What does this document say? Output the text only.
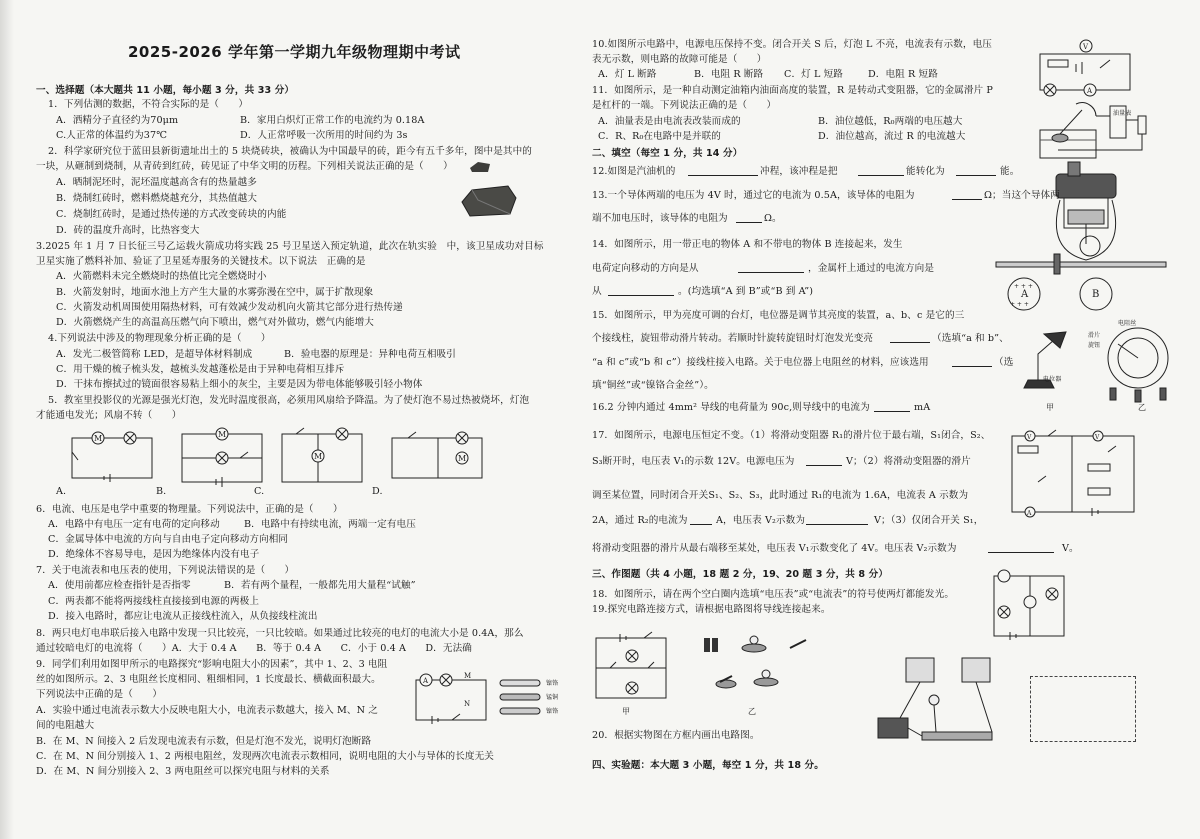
2025-2026 学年第一学期九年级物理期中考试
一、选择题（本大题共 11 小题，每小题 3 分，共 33 分）
1．下列估测的数据，不符合实际的是（　　）
A．洒精分子直径约为70μm	B．家用白炽灯正常工作的电流约为 0.18A
C.人正常的体温约为37℃	D．人正常呼吸一次所用的时间约为 3s
2．科学家研究位于蓝田县新街遗址出土的 5 块烧砖块，被确认为中国最早的砖，距今有五千多年，图中是其中的
一块，从砸制到烧制，从青砖到红砖，砖见证了中华文明的历程。下列相关说法正确的是（　　）
A．晒制泥坯时，泥坯温度越高含有的热量越多
B．烧制红砖时，燃料燃烧越充分，其热值越大
C．烧制红砖时，是通过热传递的方式改变砖块的内能
D．砖的温度升高时，比热容变大
3.2025 年 1 月 7 日长征三号乙运载火箭成功将实践 25 号卫星送入预定轨道，此次在轨实验　中，该卫星成功对目标
卫星实施了燃料补加、验证了卫星延寿服务的关键技术。以下说法　正确的是
A．火箭燃料未完全燃烧时的热值比完全燃烧时小
B．火箭发射时，地面水池上方产生大量的水雾弥漫在空中，属于扩散现象
C．火箭发动机周围使用隔热材料，可有效减少发动机向火箭其它部分进行热传递
D．火箭燃烧产生的高温高压燃气向下喷出，燃气对外做功，燃气内能增大
4.下列说法中涉及的物理现象分析正确的是（　　）
A．发光二极管简称 LED，是超导体材料制成	B．验电器的原理是：异种电荷互相吸引
C．用干燥的梳子梳头发，越梳头发越蓬松是由于异种电荷相互排斥
D．干抹布擦拭过的镜面很容易粘上细小的灰尘，主要是因为带电体能够吸引轻小物体
5．教室里投影仪的光源是强光灯泡，发光时温度很高，必须用风扇给予降温。为了使灯泡不易过热被烧坏，灯泡
才能通电发光；风扇不转（　　）
M
A.
M
B.
M
C.
M
D.
6．电流、电压是电学中重要的物理量。下列说法中，正确的是（　　）
A．电路中有电压一定有电荷的定向移动	B．电路中有持续电流，两端一定有电压
C．金属导体中电流的方向与自由电子定向移动方向相同
D．绝缘体不容易导电，是因为绝缘体内没有电子
7．关于电流表和电压表的使用，下列说法错误的是（　　）
A．使用前都应检查指针是否指零	B．若有两个量程，一般都先用大量程“试触”
C．两表都不能将两接线柱直接接到电源的两极上
D．接入电路时，都应让电流从正接线柱流入，从负接线柱流出
8．两只电灯电串联后接入电路中发现一只比较亮，一只比较暗。如果通过比较亮的电灯的电流大小是 0.4A，那么
通过较暗电灯的电流将（　　）A．大于 0.4 A　　B．等于 0.4 A　　C．小于 0.4 A　　D．无法确
9．同学们利用如图甲所示的电路探究“影响电阻大小的因素”，其中 1、2、3 电阻
丝的如图所示。2、3 电阻丝长度相同、粗细相同，1 长度最长、横截面积最大。
下列说法中正确的是（　　）
A．实验中通过电流表示数大小反映电阻大小，电流表示数越大，接入 M、N 之
间的电阻越大
B．在 M、N 间接入 2 后发现电流表有示数，但是灯泡不发光，说明灯泡断路
C．在 M、N 间分别接入 1、2 两根电阻丝，发现两次电流表示数相同，说明电阻的大小与导体的长度无关
D．在 M、N 间分别接入 2、3 两电阻丝可以探究电阻与材料的关系
A
M
N
镍铬
锰铜
镍铬
10.如图所示电路中，电源电压保持不变。闭合开关 S 后，灯泡 L 不亮，电流表有示数，电压
表无示数，则电路的故障可能是（　　）
A．灯 L 断路	B．电阻 R 断路 C．灯 L 短路	D．电阻 R 短路
V
A
11．如图所示，是一种自动测定油箱内油面高度的装置，R 是转动式变阻器，它的金属滑片 P
是杠杆的一端。下列说法正确的是（　　）
A．油量表是由电流表改装而成的	B．油位越低，R₀两端的电压越大
C．R、R₀在电路中是并联的	D．油位越高，流过 R 的电流越大
油量表
二、填空（每空 1 分，共 14 分）
12.如图是汽油机的	冲程，该冲程是把	能转化为	能。
13.一个导体两端的电压为 4V 时，通过它的电流为 0.5A，该导体的电阻为	Ω；当这个导体两
端不加电压时，该导体的电阻为	Ω。
14．如图所示，用一带正电的物体 A 和不带电的物体 B 连接起来，发生
电荷定向移动的方向是从	，金属杆上通过的电流方向是
从	。(均选填“A 到 B”或“B 到 A”)	+ + +
+ + +
A	B
15．如图所示，甲为亮度可调的台灯，电位器是调节其亮度的装置，a、b、c 是它的三
个接线柱，旋钮带动滑片转动。若顺时针旋转旋钮时灯泡发光变亮	（选填“a 和 b”、
“a 和 c”或“b 和 c”）接线柱接入电路。关于电位器上电阻丝的材料，应该选用	（选
填“铜丝”或“镍铬合金丝”）。
电位器
电阻丝
滑片
旋钮
甲	乙
16.2 分钟内通过 4mm² 导线的电荷量为 90c,则导线中的电流为	mA
17．如图所示，电源电压恒定不变。（1）将滑动变阻器 R₁的滑片位于最右端，S₁闭合，S₂、
S₃断开时，电压表 V₁的示数 12V。电源电压为	V；（2）将滑动变阻器的滑片
调至某位置，同时闭合开关S₁、S₂、S₃，此时通过 R₁的电流为 1.6A，电流表 A 示数为
2A，通过 R₂的电流为	A，电压表 V₂示数为	V；（3）仅闭合开关 S₁，
将滑动变阻器的滑片从最右端移至某处，电压表 V₁示数变化了 4V。电压表 V₂示数为	V。
V	V
A
三、作图题（共 4 小题，18 题 2 分，19、20 题 3 分，共 8 分）
18．如图所示，请在两个空白圈内选填“电压表”或“电流表”的符号使两灯都能发光。
19.探究电路连接方式，请根据电路图将导线连接起来。
甲	乙
20．根据实物图在方框内画出电路图。
四、实验题：本大题 3 小题，每空 1 分，共 18 分。
